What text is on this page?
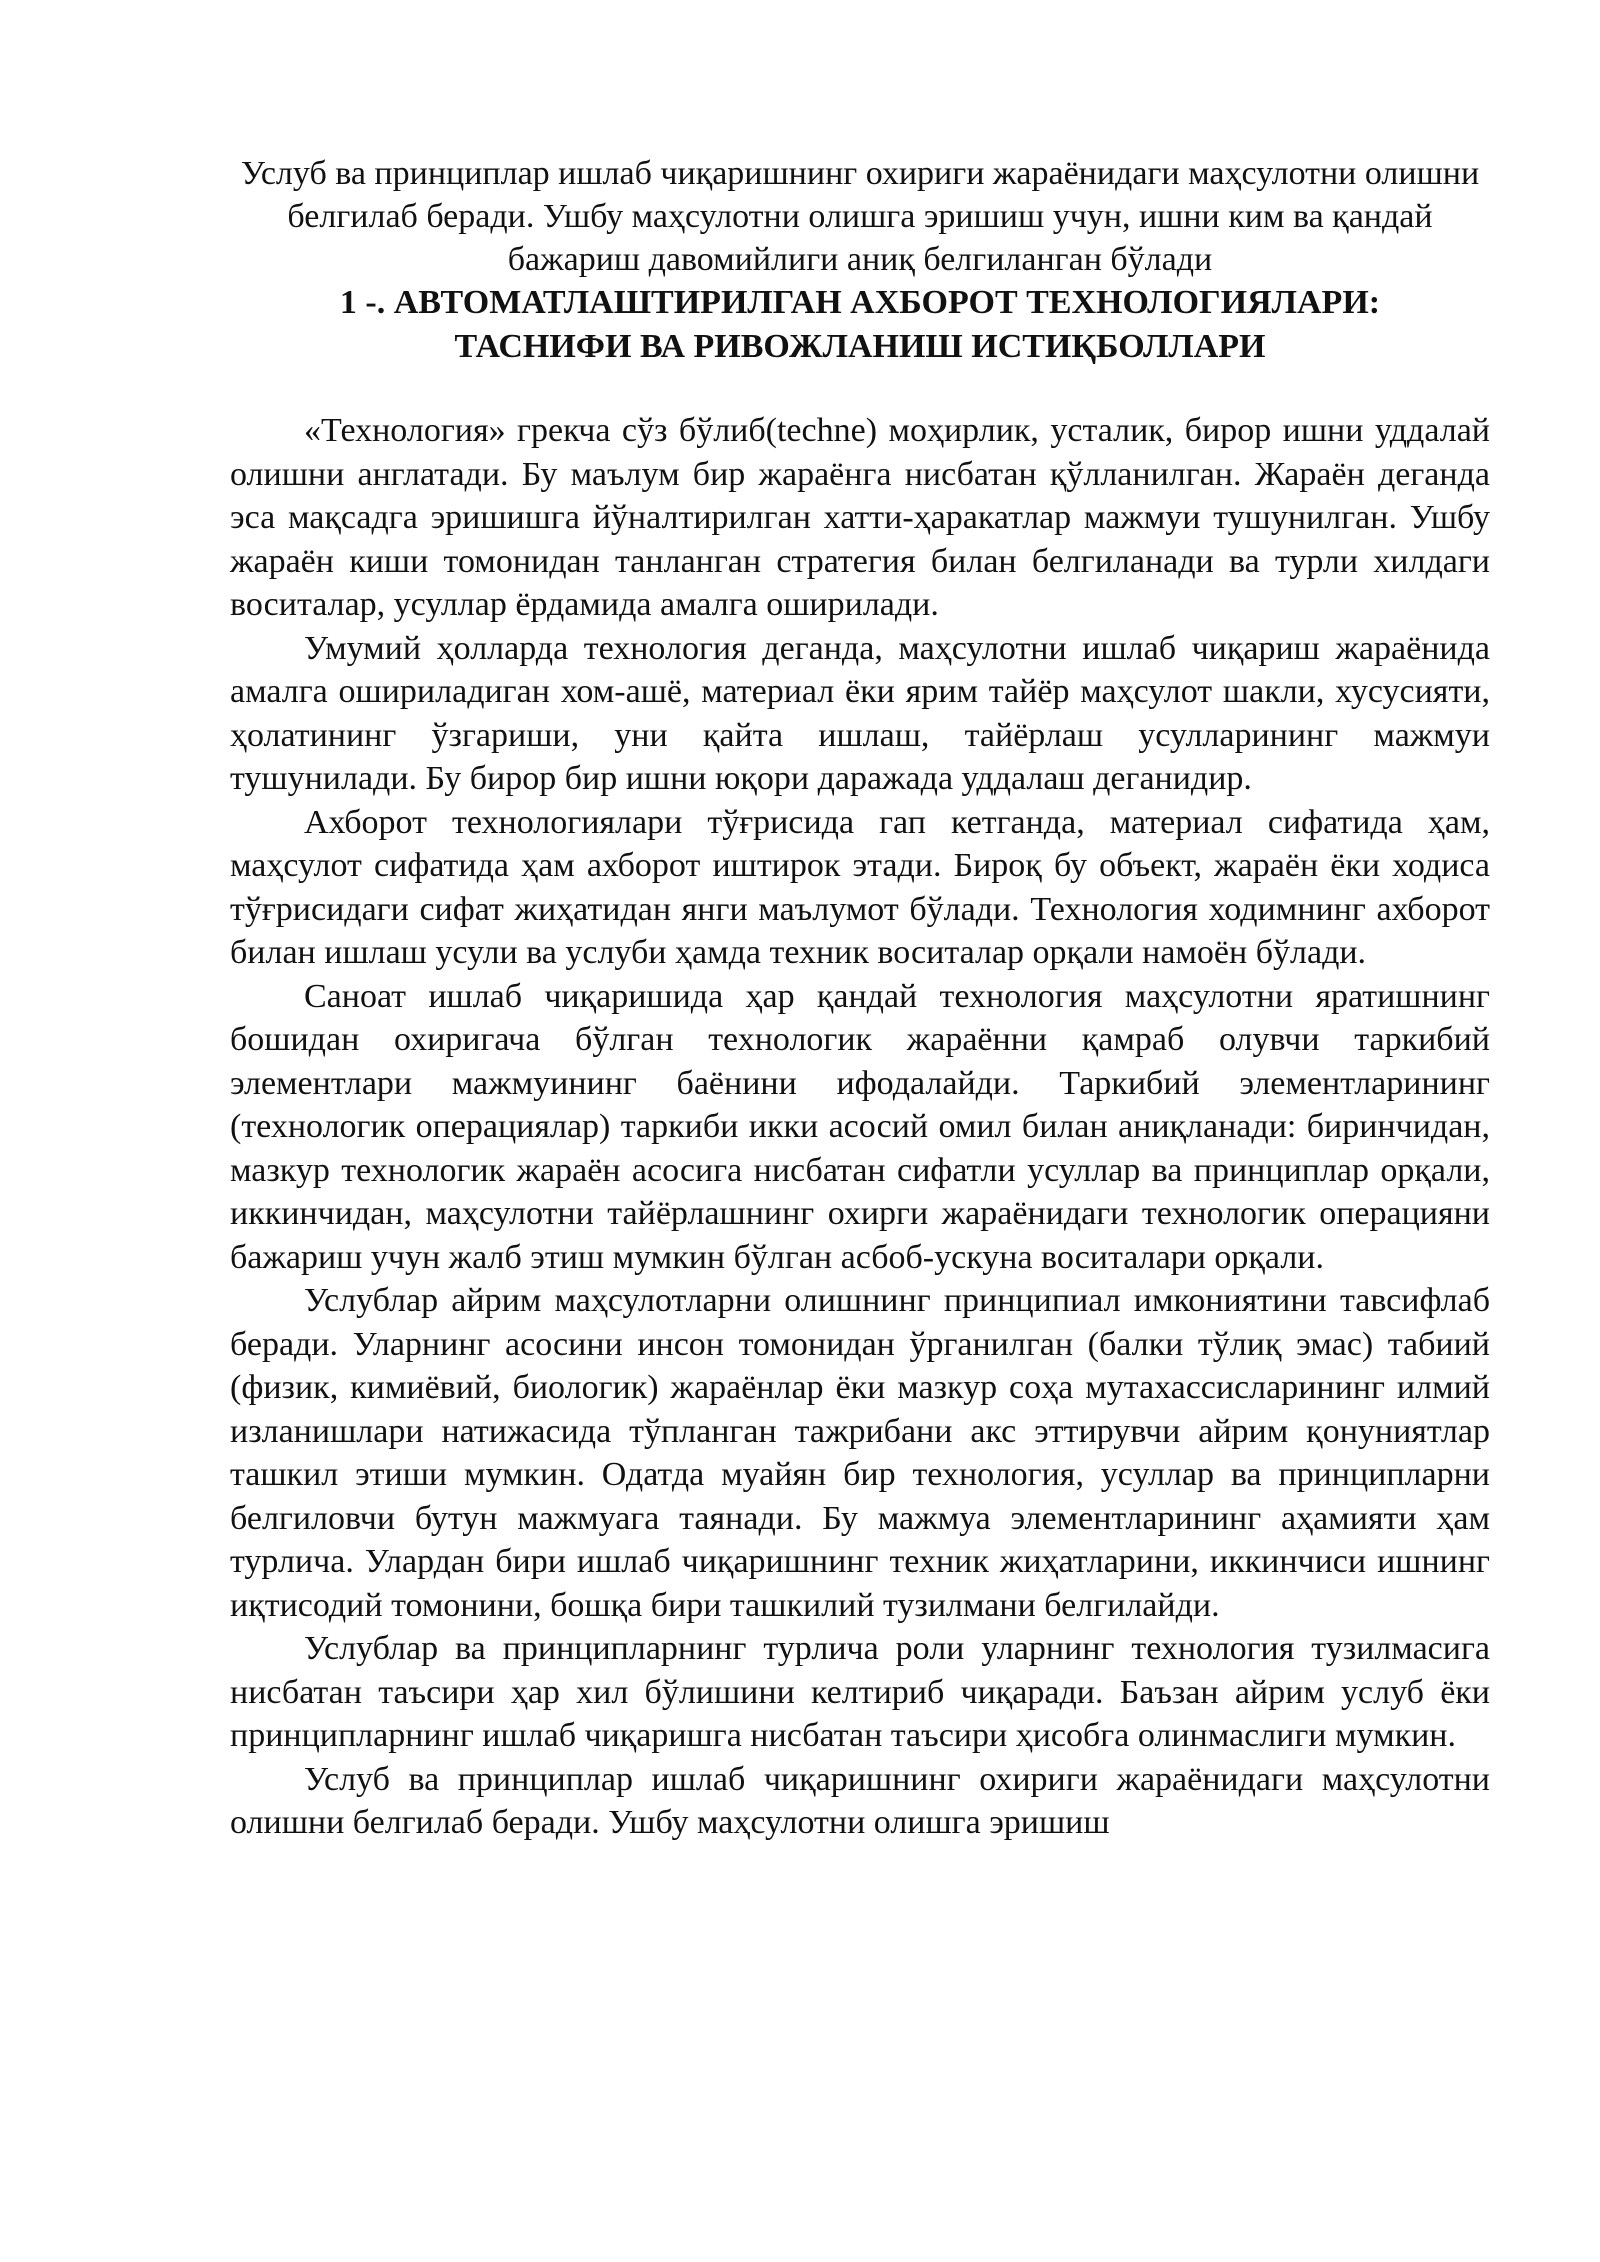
Услуб ва принциплар ишлаб чиқаришнинг охириги жараёнидаги маҳсулотни олишни белгилаб беради. Ушбу маҳсулотни олишга эришиш учун, ишни ким ва қандай бажариш давомийлиги аниқ белгиланган бўлади

1 -. АВТОМАТЛАШТИРИЛГАН АХБОРОТ ТЕХНОЛОГИЯЛАРИ:

ТАСНИФИ ВА РИВОЖЛАНИШ ИСТИҚБОЛЛАРИ

«Технология» грекча сўз бўлиб(techne) моҳирлик, усталик, бирор ишни уддалай олишни англатади. Бу маълум бир жараёнга нисбатан қўлланилган. Жараён деганда эса мақсадга эришишга йўналтирилган хатти-ҳаракатлар мажмуи тушунилган. Ушбу жараён киши томонидан танланган стратегия билан белгиланади ва турли хилдаги воситалар, усуллар ёрдамида амалга оширилади.

Умумий ҳолларда технология деганда, маҳсулотни ишлаб чиқариш жараёнида амалга ошириладиган хом-ашё, материал ёки ярим тайёр маҳсулот шакли, хусусияти, ҳолатининг ўзгариши, уни қайта ишлаш, тайёрлаш усулларининг мажмуи тушунилади. Бу бирор бир ишни юқори даражада уддалаш деганидир.

Ахборот технологиялари тўғрисида гап кетганда, материал сифатида ҳам, маҳсулот сифатида ҳам ахборот иштирок этади. Бироқ бу объект, жараён ёки ходиса тўғрисидаги сифат жиҳатидан янги маълумот бўлади. Технология ходимнинг ахборот билан ишлаш усули ва услуби ҳамда техник воситалар орқали намоён бўлади.

Саноат ишлаб чиқаришида ҳар қандай технология маҳсулотни яратишнинг бошидан охиригача бўлган технологик жараённи қамраб олувчи таркибий элементлари мажмуининг баёнини ифодалайди. Таркибий элементларининг (технологик операциялар) таркиби икки асосий омил билан аниқланади: биринчидан, мазкур технологик жараён асосига нисбатан сифатли усуллар ва принциплар орқали, иккинчидан, маҳсулотни тайёрлашнинг охирги жараёнидаги технологик операцияни бажариш учун жалб этиш мумкин бўлган асбоб-ускуна воситалари орқали.

Услублар айрим маҳсулотларни олишнинг принципиал имкониятини тавсифлаб беради. Уларнинг асосини инсон томонидан ўрганилган (балки тўлиқ эмас) табиий (физик, кимиёвий, биологик) жараёнлар ёки мазкур соҳа мутахассисларининг илмий изланишлари натижасида тўпланган тажрибани акс эттирувчи айрим қонуниятлар ташкил этиши мумкин. Одатда муайян бир технология, усуллар ва принципларни белгиловчи бутун мажмуага таянади. Бу мажмуа элементларининг аҳамияти ҳам турлича. Улардан бири ишлаб чиқаришнинг техник жиҳатларини, иккинчиси ишнинг иқтисодий томонини, бошқа бири ташкилий тузилмани белгилайди.

Услублар ва принципларнинг турлича роли уларнинг технология тузилмасига нисбатан таъсири ҳар хил бўлишини келтириб чиқаради. Баъзан айрим услуб ёки принципларнинг ишлаб чиқаришга нисбатан таъсири ҳисобга олинмаслиги мумкин.

Услуб ва принциплар ишлаб чиқаришнинг охириги жараёнидаги маҳсулотни олишни белгилаб беради. Ушбу маҳсулотни олишга эришиш
